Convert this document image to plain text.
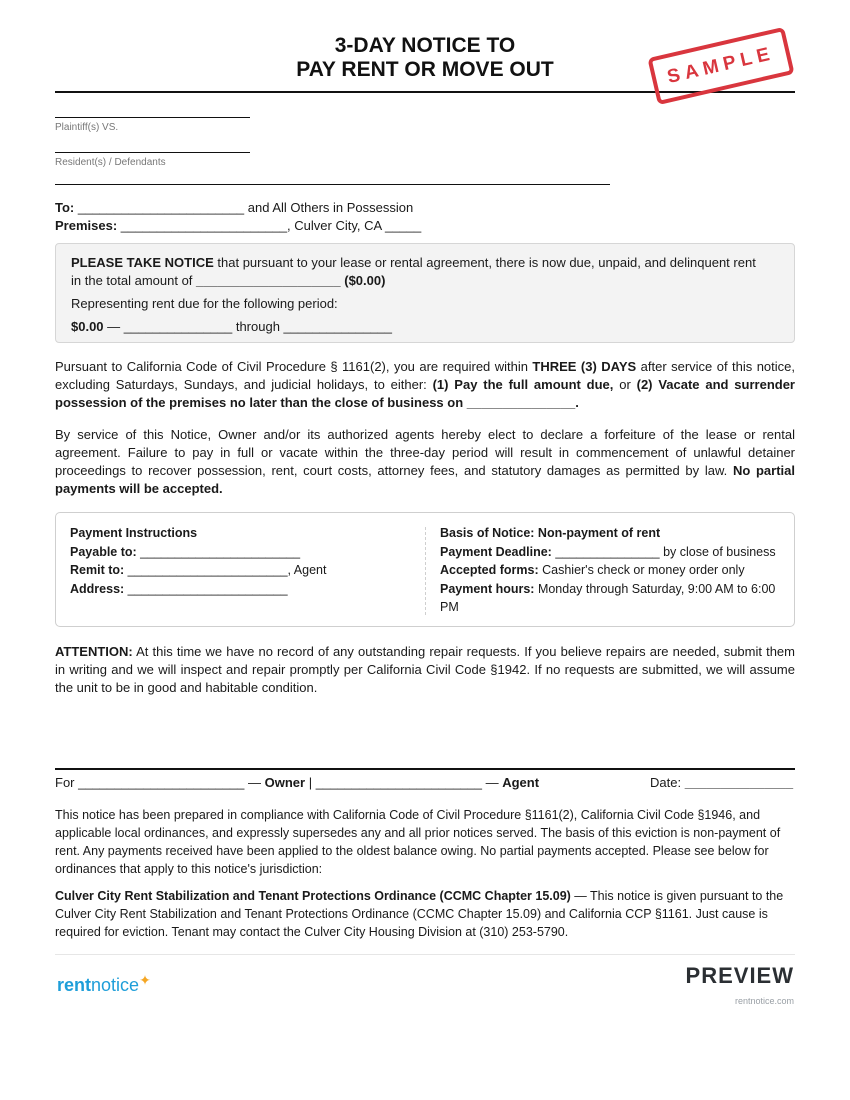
3-DAY NOTICE TO
PAY RENT OR MOVE OUT	SAMPLE
Plaintiff(s) VS.
Resident(s) / Defendants
To: _______________________ and All Others in Possession
Premises: _______________________, Culver City, CA _____
PLEASE TAKE NOTICE that pursuant to your lease or rental agreement, there is now due, unpaid, and delinquent rent
in the total amount of ____________________ ($0.00)
Representing rent due for the following period:
$0.00 — _______________ through _______________
Pursuant to California Code of Civil Procedure § 1161(2), you are required within THREE (3) DAYS after service of this notice, excluding Saturdays, Sundays, and judicial holidays, to either: (1) Pay the full amount due, or (2) Vacate and surrender possession of the premises no later than the close of business on _______________.
By service of this Notice, Owner and/or its authorized agents hereby elect to declare a forfeiture of the lease or rental agreement. Failure to pay in full or vacate within the three-day period will result in commencement of unlawful detainer proceedings to recover possession, rent, court costs, attorney fees, and statutory damages as permitted by law. No partial payments will be accepted.
Payment Instructions
Payable to: _______________________
Remit to: _______________________, Agent
Address: _______________________
Basis of Notice: Non-payment of rent
Payment Deadline: _______________ by close of business
Accepted forms: Cashier's check or money order only
Payment hours: Monday through Saturday, 9:00 AM to 6:00
PM
ATTENTION: At this time we have no record of any outstanding repair requests. If you believe repairs are needed, submit them in writing and we will inspect and repair promptly per California Civil Code §1942. If no requests are submitted, we will assume the unit to be in good and habitable condition.
For _______________________ — Owner | _______________________ — Agent	Date: _______________
This notice has been prepared in compliance with California Code of Civil Procedure §1161(2), California Civil Code §1946, and applicable local ordinances, and expressly supersedes any and all prior notices served. The basis of this eviction is non-payment of rent. Any payments received have been applied to the oldest balance owing. No partial payments accepted. Please see below for ordinances that apply to this notice's jurisdiction:
Culver City Rent Stabilization and Tenant Protections Ordinance (CCMC Chapter 15.09) — This notice is given pursuant to the Culver City Rent Stabilization and Tenant Protections Ordinance (CCMC Chapter 15.09) and California CCP §1161. Just cause is required for eviction. Tenant may contact the Culver City Housing Division at (310) 253-5790.
rentnotice✦	PREVIEW
rentnotice.com
